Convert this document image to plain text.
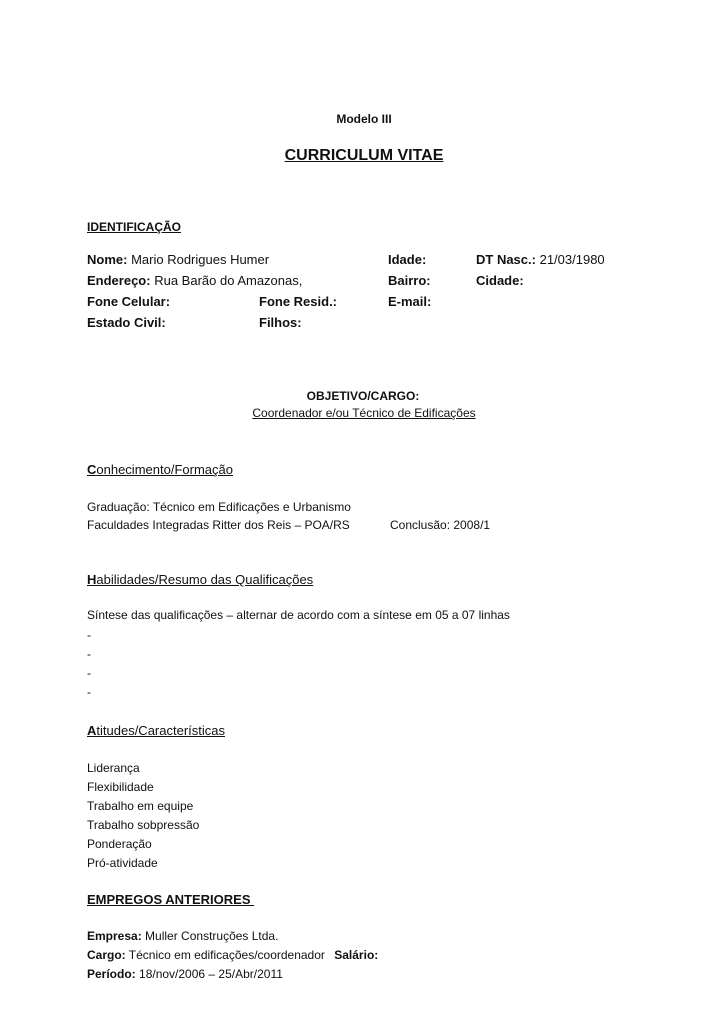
Modelo III
CURRICULUM VITAE
IDENTIFICAÇÃO
Nome: Mario Rodrigues Humer	Idade:	DT Nasc.: 21/03/1980
Endereço: Rua Barão do Amazonas,	Bairro:	Cidade:
Fone Celular:	Fone Resid.:	E-mail:
Estado Civil:	Filhos:
OBJETIVO/CARGO:
Coordenador e/ou Técnico de Edificações
Conhecimento/Formação
Graduação: Técnico em Edificações e Urbanismo
Faculdades Integradas Ritter dos Reis – POA/RS	Conclusão: 2008/1
Habilidades/Resumo das Qualificações
Síntese das qualificações – alternar de acordo com a síntese em 05 a 07 linhas
-
-
-
-
Atitudes/Características
Liderança
Flexibilidade
Trabalho em equipe
Trabalho sobpressão
Ponderação
Pró-atividade
EMPREGOS ANTERIORES
Empresa: Muller Construções Ltda.
Cargo: Técnico em edificações/coordenador Salário:
Período: 18/nov/2006 – 25/Abr/2011
